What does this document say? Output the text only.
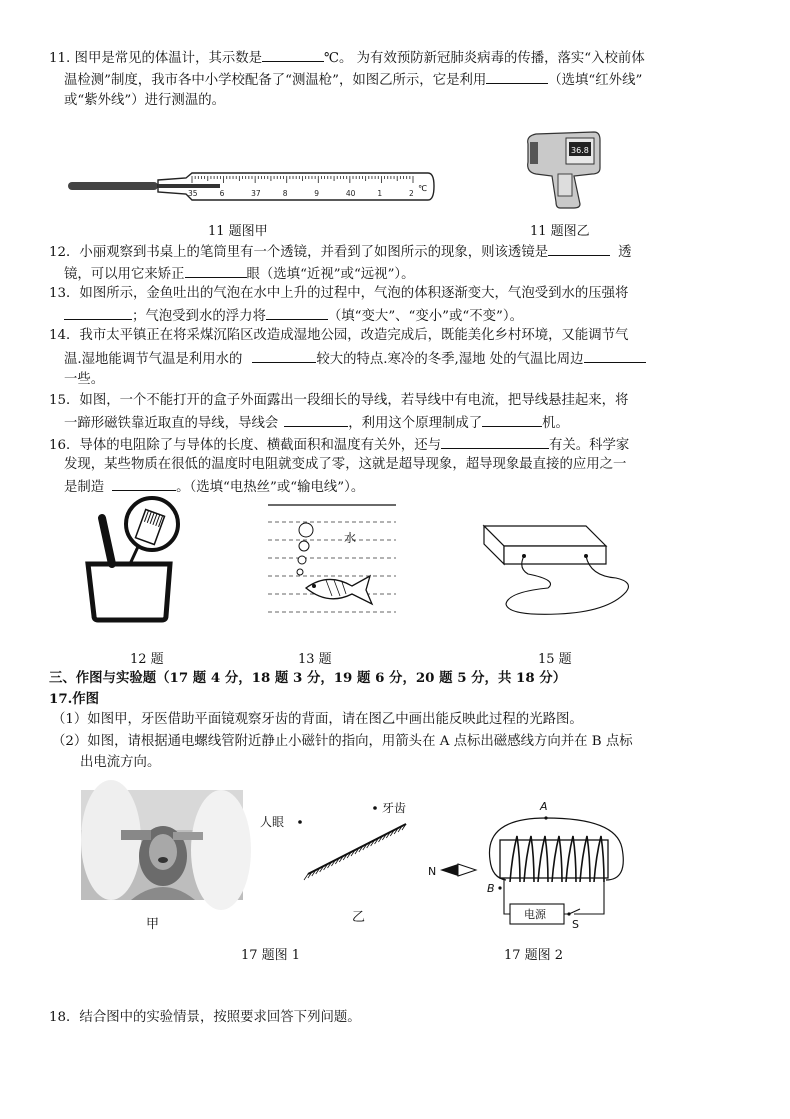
11. 图甲是常见的体温计，其示数是	℃。 为有效预防新冠肺炎病毒的传播，落实“入校前体
温检测”制度，我市各中小学校配备了“测温枪”，如图乙所示，它是利用	（选填“红外线”
或“紫外线”）进行测温的。
35	6	37	8	9	40	1	2
℃
36.8
11 题图甲	11 题图乙
12．小丽观察到书桌上的笔筒里有一个透镜，并看到了如图所示的现象，则该透镜是	透
镜，可以用它来矫正	眼（选填“近视”或“远视”）。
13．如图所示，金鱼吐出的气泡在水中上升的过程中，气泡的体积逐渐变大，气泡受到水的压强将
；气泡受到水的浮力将	（填“变大”、“变小”或“不变”）。
14．我市太平镇正在将采煤沉陷区改造成湿地公园，改造完成后，既能美化乡村环境，又能调节气
温.湿地能调节气温是利用水的	较大的特点.寒冷的冬季,湿地 处的气温比周边
一些。
15．如图，一个不能打开的盒子外面露出一段细长的导线，若导线中有电流，把导线悬挂起来，将
一蹄形磁铁靠近取直的导线，导线会	，利用这个原理制成了	机。
16．导体的电阻除了与导体的长度、横截面积和温度有关外，还与	有关。科学家
发现，某些物质在很低的温度时电阻就变成了零，这就是超导现象，超导现象最直接的应用之一
是制造	。（选填“电热丝”或“输电线”）。
水
12 题	13 题	15 题
三、作图与实验题（17 题 4 分，18 题 3 分，19 题 6 分，20 题 5 分，共 18 分）
17.作图
（1）如图甲，牙医借助平面镜观察牙齿的背面，请在图乙中画出能反映此过程的光路图。
（2）如图，请根据通电螺线管附近静止小磁针的指向，用箭头在 A 点标出磁感线方向并在 B 点标
出电流方向。
甲
人眼
牙齿
乙
A
N
B
电源
S
17 题图 1	17 题图 2
18．结合图中的实验情景，按照要求回答下列问题。
